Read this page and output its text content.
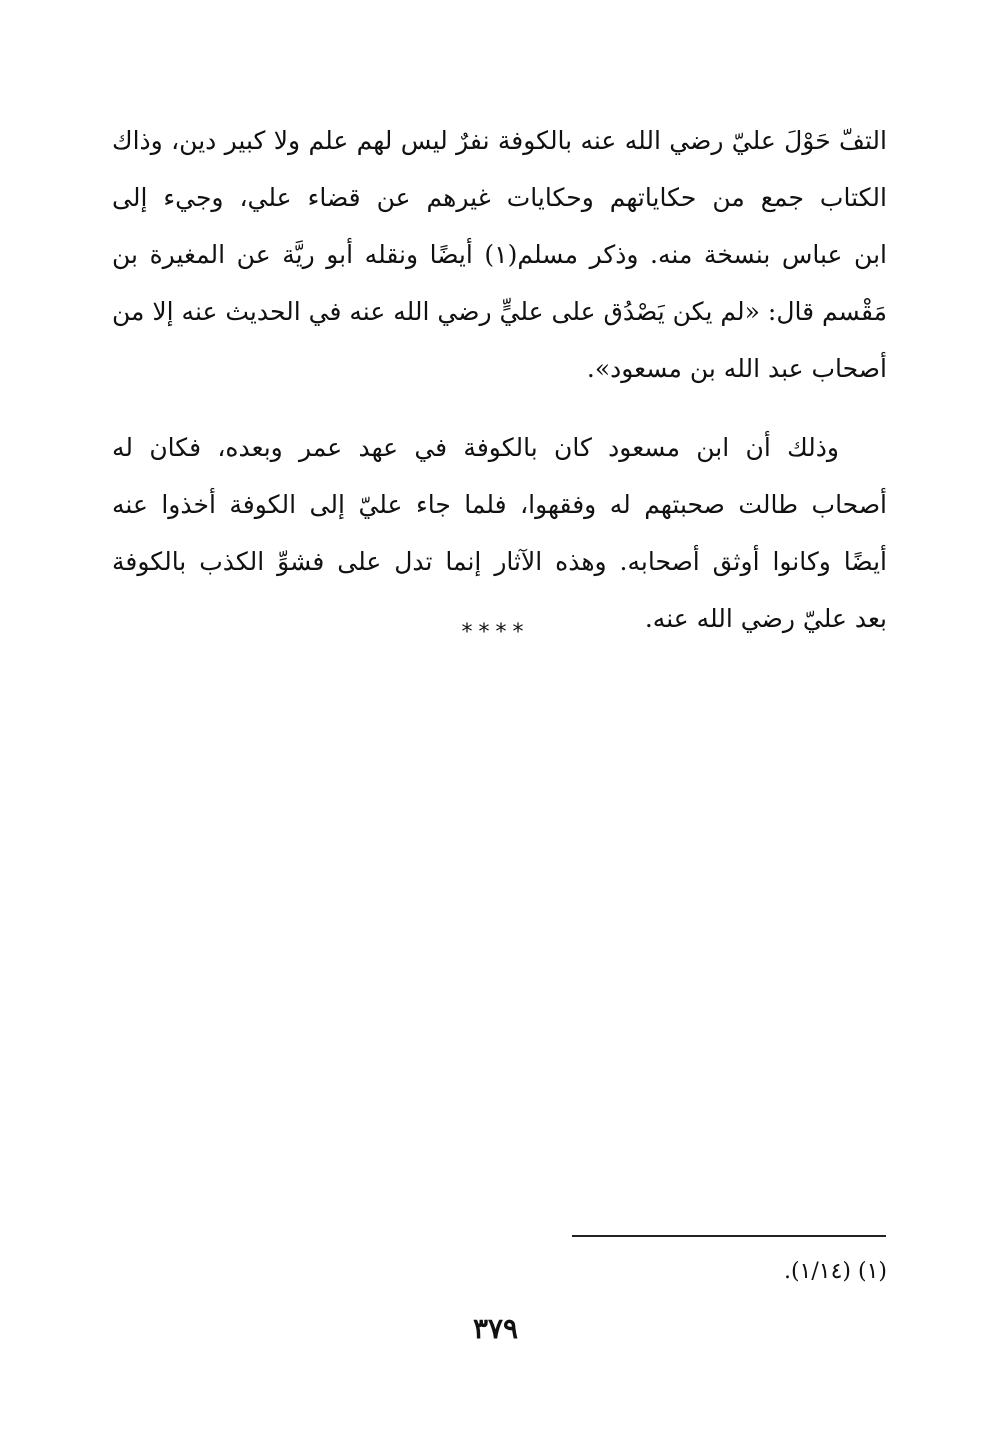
التفّ حَوْلَ عليّ رضي الله عنه بالكوفة نفرٌ ليس لهم علم ولا كبير دين، وذاك
الكتاب جمع من حكاياتهم وحكايات غيرهم عن قضاء علي، وجيء إلى
ابن عباس بنسخة منه. وذكر مسلم(١) أيضًا ونقله أبو ريَّة عن المغيرة بن
مَقْسم قال: «لم يكن يَصْدُق على عليٍّ رضي الله عنه في الحديث عنه إلا من
أصحاب عبد الله بن مسعود».
وذلك أن ابن مسعود كان بالكوفة في عهد عمر وبعده، فكان له
أصحاب طالت صحبتهم له وفقهوا، فلما جاء عليّ إلى الكوفة أخذوا عنه
أيضًا وكانوا أوثق أصحابه. وهذه الآثار إنما تدل على فشوِّ الكذب بالكوفة
بعد عليّ رضي الله عنه.
****
(١) (١/١٤).
٣٧٩
